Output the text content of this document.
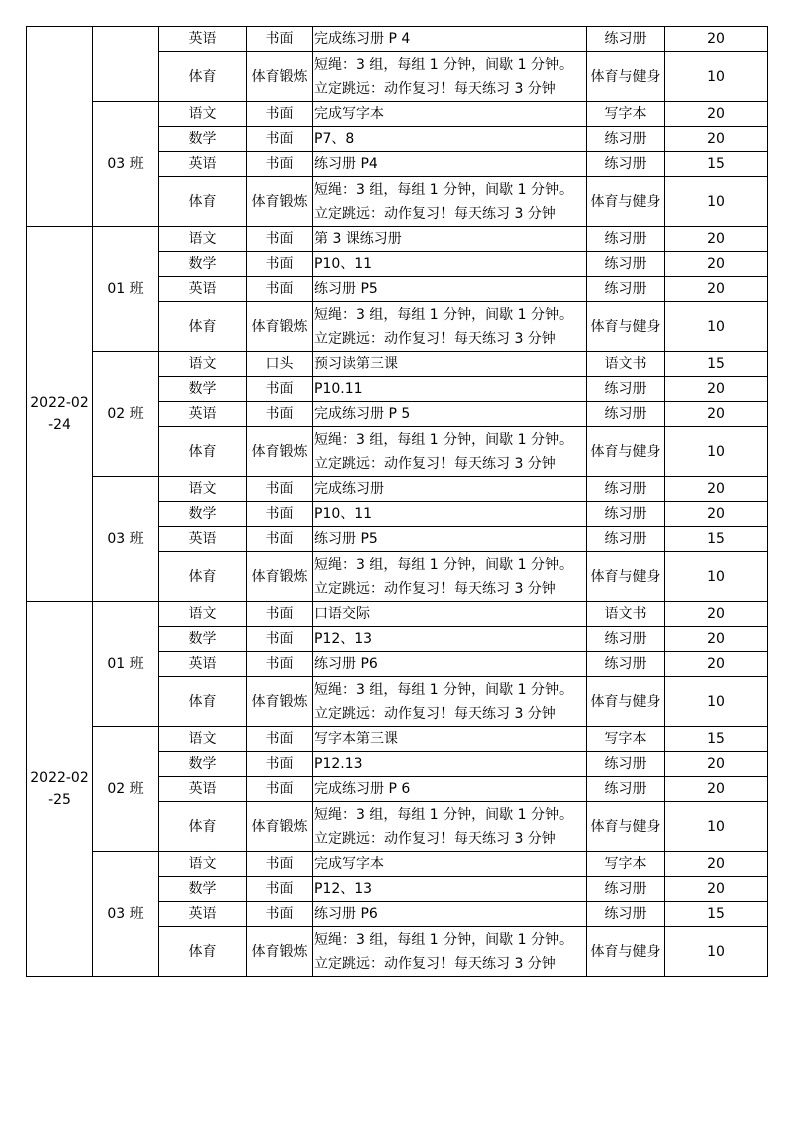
		英语	书面	完成练习册 P 4	练习册	20
		体育	体育锻炼	短绳：3 组，每组 1 分钟，间歇 1 分钟。
立定跳远：动作复习！每天练习 3 分钟	体育与健身	10
	03 班	语文	书面	完成写字本	写字本	20
		数学	书面	P7、8	练习册	20
		英语	书面	练习册 P4	练习册	15
		体育	体育锻炼	短绳：3 组，每组 1 分钟，间歇 1 分钟。
立定跳远：动作复习！每天练习 3 分钟	体育与健身	10
2022-02-24	01 班	语文	书面	第 3 课练习册	练习册	20
		数学	书面	P10、11	练习册	20
		英语	书面	练习册 P5	练习册	20
		体育	体育锻炼	短绳：3 组，每组 1 分钟，间歇 1 分钟。
立定跳远：动作复习！每天练习 3 分钟	体育与健身	10
	02 班	语文	口头	预习读第三课	语文书	15
		数学	书面	P10.11	练习册	20
		英语	书面	完成练习册 P 5	练习册	20
		体育	体育锻炼	短绳：3 组，每组 1 分钟，间歇 1 分钟。
立定跳远：动作复习！每天练习 3 分钟	体育与健身	10
	03 班	语文	书面	完成练习册	练习册	20
		数学	书面	P10、11	练习册	20
		英语	书面	练习册 P5	练习册	15
		体育	体育锻炼	短绳：3 组，每组 1 分钟，间歇 1 分钟。
立定跳远：动作复习！每天练习 3 分钟	体育与健身	10
2022-02-25	01 班	语文	书面	口语交际	语文书	20
		数学	书面	P12、13	练习册	20
		英语	书面	练习册 P6	练习册	20
		体育	体育锻炼	短绳：3 组，每组 1 分钟，间歇 1 分钟。
立定跳远：动作复习！每天练习 3 分钟	体育与健身	10
	02 班	语文	书面	写字本第三课	写字本	15
		数学	书面	P12.13	练习册	20
		英语	书面	完成练习册 P 6	练习册	20
		体育	体育锻炼	短绳：3 组，每组 1 分钟，间歇 1 分钟。
立定跳远：动作复习！每天练习 3 分钟	体育与健身	10
	03 班	语文	书面	完成写字本	写字本	20
		数学	书面	P12、13	练习册	20
		英语	书面	练习册 P6	练习册	15
		体育	体育锻炼	短绳：3 组，每组 1 分钟，间歇 1 分钟。
立定跳远：动作复习！每天练习 3 分钟	体育与健身	10
